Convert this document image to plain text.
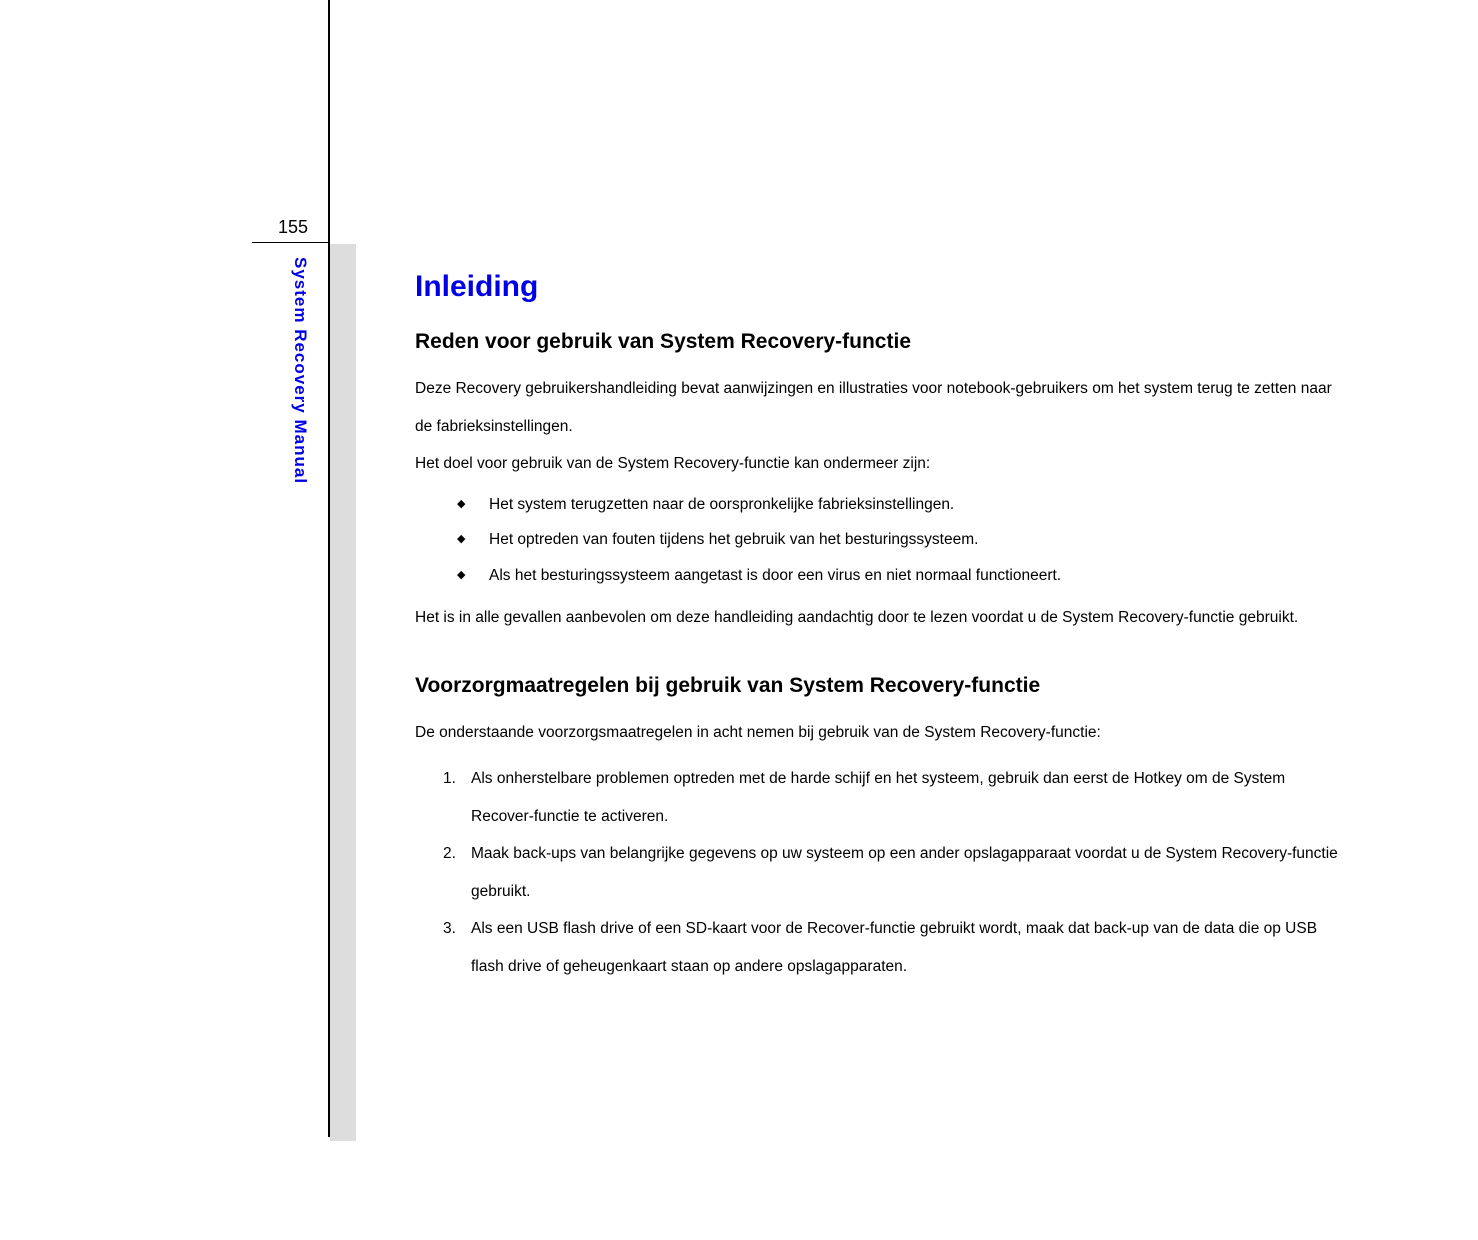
155
System Recovery Manual	Inleiding
Reden voor gebruik van System Recovery-functie

Deze Recovery gebruikershandleiding bevat aanwijzingen en illustraties voor notebook-gebruikers om het system terug te zetten naar de fabrieksinstellingen.

Het doel voor gebruik van de System Recovery-functie kan ondermeer zijn:

◆ Het system terugzetten naar de oorspronkelijke fabrieksinstellingen.
◆ Het optreden van fouten tijdens het gebruik van het besturingssysteem.
◆ Als het besturingssysteem aangetast is door een virus en niet normaal functioneert.

Het is in alle gevallen aanbevolen om deze handleiding aandachtig door te lezen voordat u de System Recovery-functie gebruikt.

Voorzorgmaatregelen bij gebruik van System Recovery-functie

De onderstaande voorzorgsmaatregelen in acht nemen bij gebruik van de System Recovery-functie:

1. Als onherstelbare problemen optreden met de harde schijf en het systeem, gebruik dan eerst de Hotkey om de System Recover-functie te activeren.
2. Maak back-ups van belangrijke gegevens op uw systeem op een ander opslagapparaat voordat u de System Recovery-functie gebruikt.
3. Als een USB flash drive of een SD-kaart voor de Recover-functie gebruikt wordt, maak dat back-up van de data die op USB flash drive of geheugenkaart staan op andere opslagapparaten.
